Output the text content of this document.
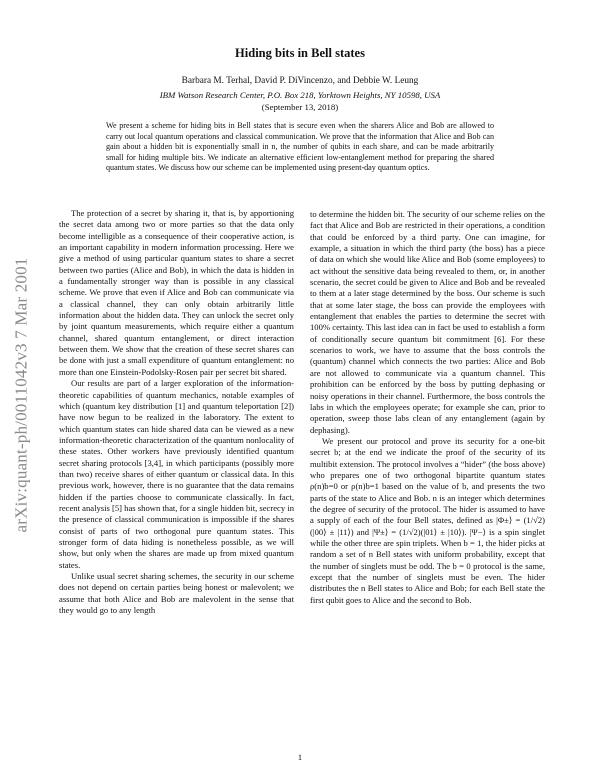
arXiv:quant-ph/0011042v3 7 Mar 2001
Hiding bits in Bell states
Barbara M. Terhal, David P. DiVincenzo, and Debbie W. Leung
IBM Watson Research Center, P.O. Box 218, Yorktown Heights, NY 10598, USA
(September 13, 2018)
We present a scheme for hiding bits in Bell states that is secure even when the sharers Alice and Bob are allowed to carry out local quantum operations and classical communication. We prove that the information that Alice and Bob can gain about a hidden bit is exponentially small in n, the number of qubits in each share, and can be made arbitrarily small for hiding multiple bits. We indicate an alternative efficient low-entanglement method for preparing the shared quantum states. We discuss how our scheme can be implemented using present-day quantum optics.

The protection of a secret by sharing it, that is, by apportioning the secret data among two or more parties so that the data only become intelligible as a consequence of their cooperative action, is an important capability in modern information processing. Here we give a method of using particular quantum states to share a secret between two parties (Alice and Bob), in which the data is hidden in a fundamentally stronger way than is possible in any classical scheme. We prove that even if Alice and Bob can communicate via a classical channel, they can only obtain arbitrarily little information about the hidden data. They can unlock the secret only by joint quantum measurements, which require either a quantum channel, shared quantum entanglement, or direct interaction between them. We show that the creation of these secret shares can be done with just a small expenditure of quantum entanglement: no more than one Einstein-Podolsky-Rosen pair per secret bit shared.

Our results are part of a larger exploration of the information-theoretic capabilities of quantum mechanics, notable examples of which (quantum key distribution [1] and quantum teleportation [2]) have now begun to be realized in the laboratory. The extent to which quantum states can hide shared data can be viewed as a new information-theoretic characterization of the quantum nonlocality of these states. Other workers have previously identified quantum secret sharing protocols [3,4], in which participants (possibly more than two) receive shares of either quantum or classical data. In this previous work, however, there is no guarantee that the data remains hidden if the parties choose to communicate classically. In fact, recent analysis [5] has shown that, for a single hidden bit, secrecy in the presence of classical communication is impossible if the shares consist of parts of two orthogonal pure quantum states. This stronger form of data hiding is nonetheless possible, as we will show, but only when the shares are made up from mixed quantum states.

Unlike usual secret sharing schemes, the security in our scheme does not depend on certain parties being honest or malevolent; we assume that both Alice and Bob are malevolent in the sense that they would go to any length

to determine the hidden bit. The security of our scheme relies on the fact that Alice and Bob are restricted in their operations, a condition that could be enforced by a third party. One can imagine, for example, a situation in which the third party (the boss) has a piece of data on which she would like Alice and Bob (some employees) to act without the sensitive data being revealed to them, or, in another scenario, the secret could be given to Alice and Bob and be revealed to them at a later stage determined by the boss. Our scheme is such that at some later stage, the boss can provide the employees with entanglement that enables the parties to determine the secret with 100% certainty. This last idea can in fact be used to establish a form of conditionally secure quantum bit commitment [6]. For these scenarios to work, we have to assume that the boss controls the (quantum) channel which connects the two parties: Alice and Bob are not allowed to communicate via a quantum channel. This prohibition can be enforced by the boss by putting dephasing or noisy operations in their channel. Furthermore, the boss controls the labs in which the employees operate; for example she can, prior to operation, sweep those labs clean of any entanglement (again by dephasing).

We present our protocol and prove its security for a one-bit secret b; at the end we indicate the proof of the security of its multibit extension. The protocol involves a “hider” (the boss above) who prepares one of two orthogonal bipartite quantum states ρ(n)b=0 or ρ(n)b=1 based on the value of b, and presents the two parts of the state to Alice and Bob. n is an integer which determines the degree of security of the protocol. The hider is assumed to have a supply of each of the four Bell states, defined as |Φ±⟩ = (1/√2)(|00⟩ ± |11⟩) and |Ψ±⟩ = (1/√2)(|01⟩ ± |10⟩). |Ψ−⟩ is a spin singlet while the other three are spin triplets. When b = 1, the hider picks at random a set of n Bell states with uniform probability, except that the number of singlets must be odd. The b = 0 protocol is the same, except that the number of singlets must be even. The hider distributes the n Bell states to Alice and Bob; for each Bell state the first qubit goes to Alice and the second to Bob.

1
